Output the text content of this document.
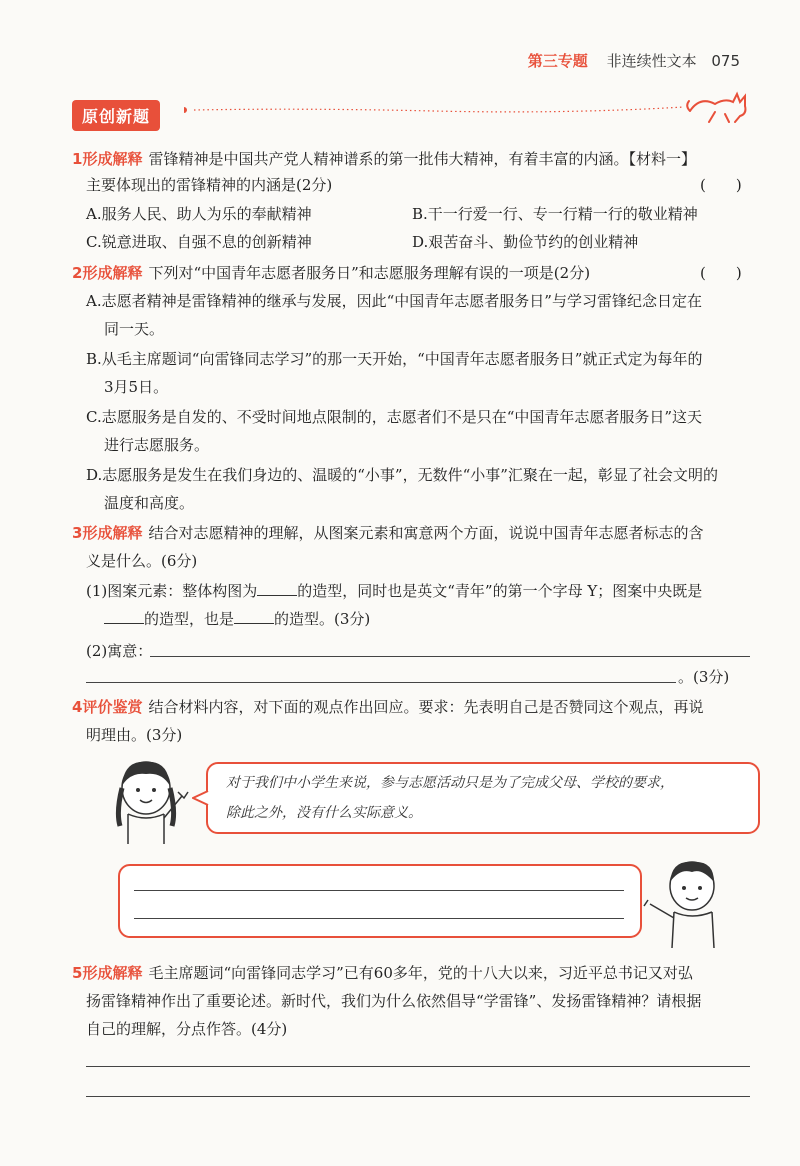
第三专题 非连续性文本 075
原创新题
1形成解释 雷锋精神是中国共产党人精神谱系的第一批伟大精神，有着丰富的内涵。【材料一】
主要体现出的雷锋精神的内涵是(2分)	(　　)
A.服务人民、助人为乐的奉献精神	B.干一行爱一行、专一行精一行的敬业精神
C.锐意进取、自强不息的创新精神	D.艰苦奋斗、勤俭节约的创业精神
2形成解释 下列对“中国青年志愿者服务日”和志愿服务理解有误的一项是(2分)	(　　)
A.志愿者精神是雷锋精神的继承与发展，因此“中国青年志愿者服务日”与学习雷锋纪念日定在
同一天。
B.从毛主席题词“向雷锋同志学习”的那一天开始，“中国青年志愿者服务日”就正式定为每年的
3月5日。
C.志愿服务是自发的、不受时间地点限制的，志愿者们不是只在“中国青年志愿者服务日”这天
进行志愿服务。
D.志愿服务是发生在我们身边的、温暖的“小事”，无数件“小事”汇聚在一起，彰显了社会文明的
温度和高度。
3形成解释 结合对志愿精神的理解，从图案元素和寓意两个方面，说说中国青年志愿者标志的含
义是什么。(6分)
(1)图案元素：整体构图为	的造型，同时也是英文“青年”的第一个字母 Y；图案中央既是
的造型，也是	的造型。(3分)
(2)寓意：
。(3分)
4评价鉴赏 结合材料内容，对下面的观点作出回应。要求：先表明自己是否赞同这个观点，再说
明理由。(3分)
对于我们中小学生来说，参与志愿活动只是为了完成父母、学校的要求，
除此之外，没有什么实际意义。
5形成解释 毛主席题词“向雷锋同志学习”已有60多年，党的十八大以来，习近平总书记又对弘
扬雷锋精神作出了重要论述。新时代，我们为什么依然倡导“学雷锋”、发扬雷锋精神？请根据
自己的理解，分点作答。(4分)
